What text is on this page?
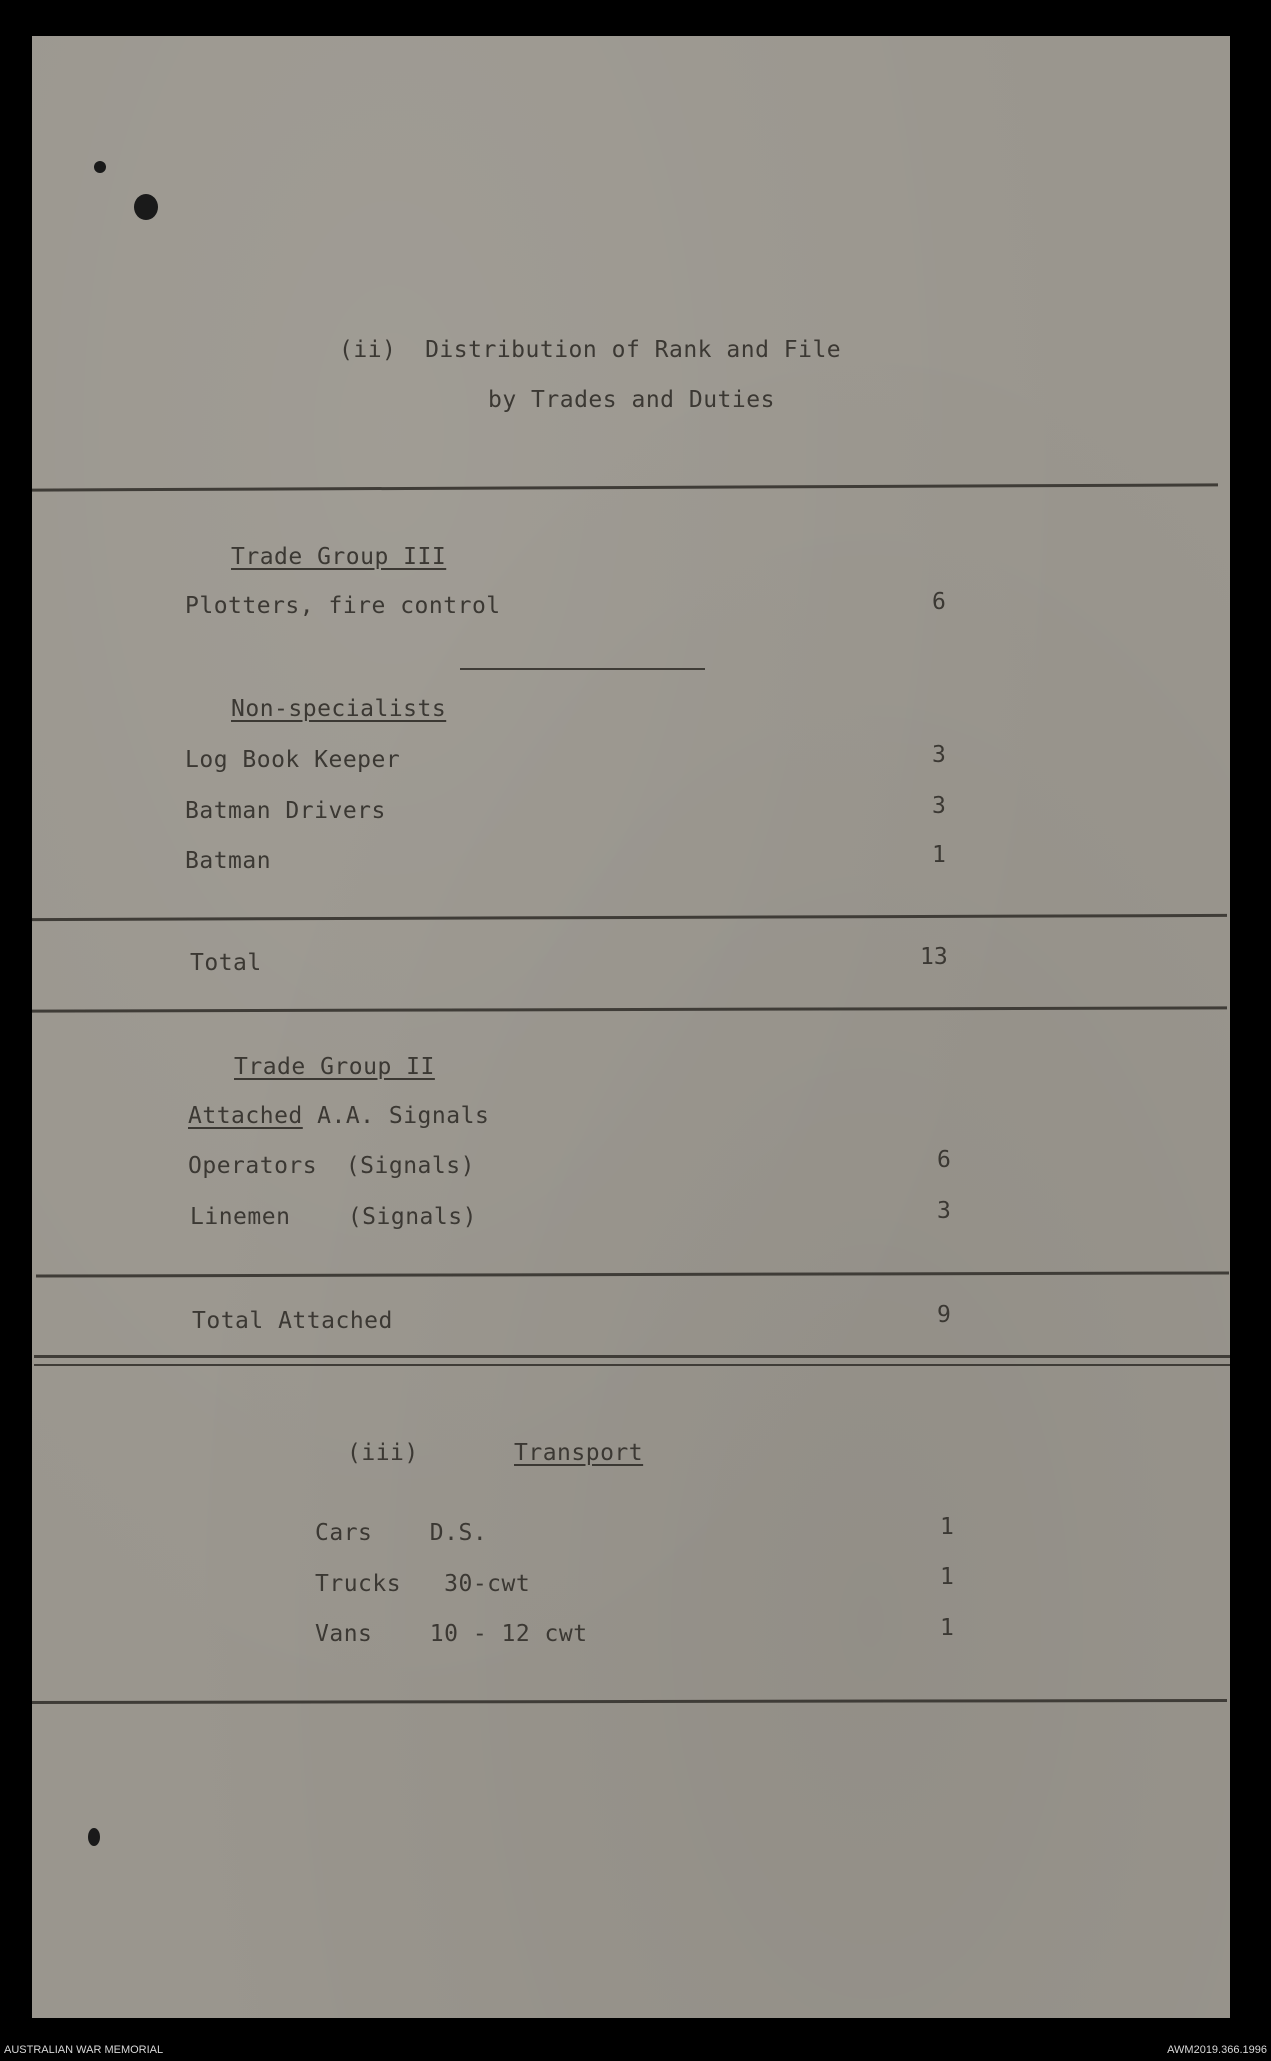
(ii)  Distribution of Rank and File
by Trades and Duties
Trade Group III
Plotters, fire control	6
Non-specialists
Log Book Keeper	3
Batman Drivers	3
Batman	1
Total	13
Trade Group II
Attached A.A. Signals
Operators  (Signals)	6
Linemen    (Signals)	3
Total Attached	9
(iii)	Transport
Cars    D.S.	1
Trucks   30-cwt	1
Vans    10 - 12 cwt	1
AUSTRALIAN WAR MEMORIAL	AWM2019.366.1996
